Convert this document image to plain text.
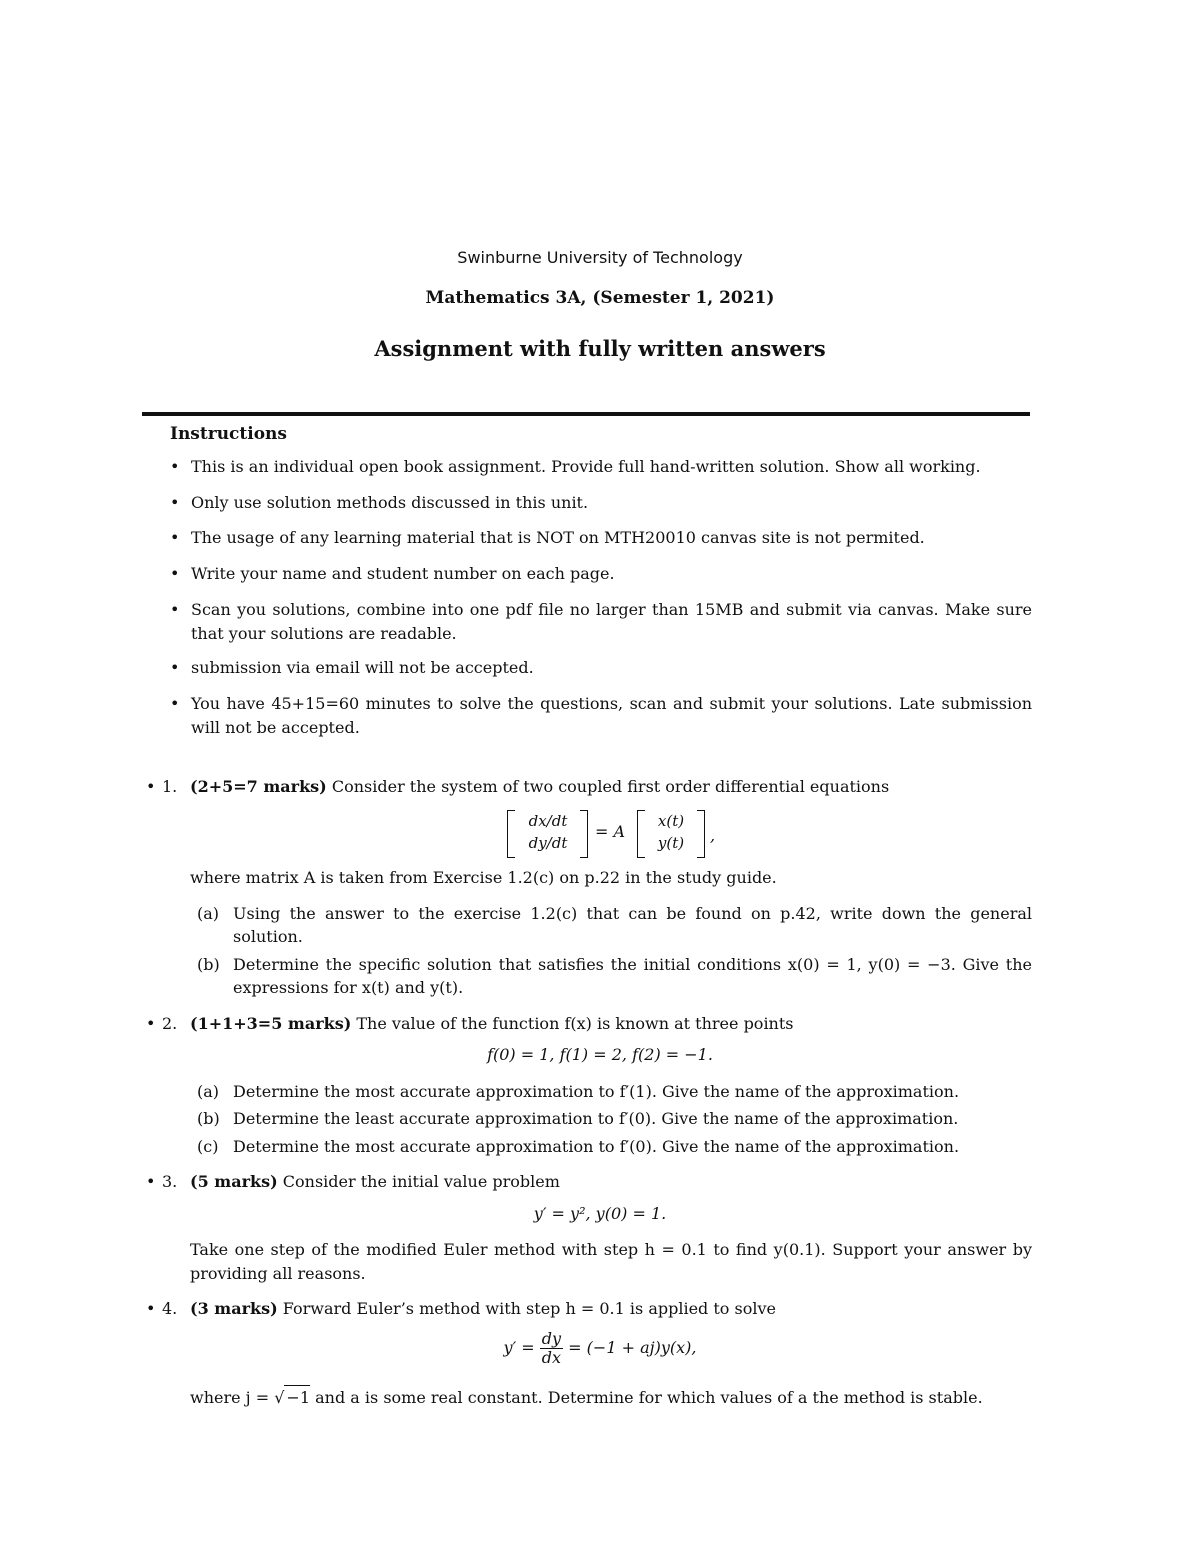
Swinburne University of Technology
Mathematics 3A, (Semester 1, 2021)
Assignment with fully written answers
Instructions
• This is an individual open book assignment. Provide full hand-written solution. Show all working.
• Only use solution methods discussed in this unit.
• The usage of any learning material that is NOT on MTH20010 canvas site is not permited.
• Write your name and student number on each page.
• Scan you solutions, combine into one pdf file no larger than 15MB and submit via canvas. Make sure that your solutions are readable.
• submission via email will not be accepted.
• You have 45+15=60 minutes to solve the questions, scan and submit your solutions. Late submission will not be accepted.
• 1. (2+5=7 marks) Consider the system of two coupled first order differential equations
dx/dt
dy/dt
= A
x(t)
y(t)	,
where matrix A is taken from Exercise 1.2(c) on p.22 in the study guide.
(a) Using the answer to the exercise 1.2(c) that can be found on p.42, write down the general solution.
(b) Determine the specific solution that satisfies the initial conditions x(0) = 1, y(0) = −3. Give the expressions for x(t) and y(t).
• 2. (1+1+3=5 marks) The value of the function f(x) is known at three points
f(0) = 1, f(1) = 2, f(2) = −1.
(a) Determine the most accurate approximation to f′(1). Give the name of the approximation.
(b) Determine the least accurate approximation to f′(0). Give the name of the approximation.
(c) Determine the most accurate approximation to f′(0). Give the name of the approximation.
• 3. (5 marks) Consider the initial value problem
y′ = y², y(0) = 1.
Take one step of the modified Euler method with step h = 0.1 to find y(0.1). Support your answer by providing all reasons.
• 4. (3 marks) Forward Euler’s method with step h = 0.1 is applied to solve
$y' = \frac{dy}{dx} = (-1 + aj)y(x)$,
where j = √ −1 and a is some real constant. Determine for which values of a the method is stable.
